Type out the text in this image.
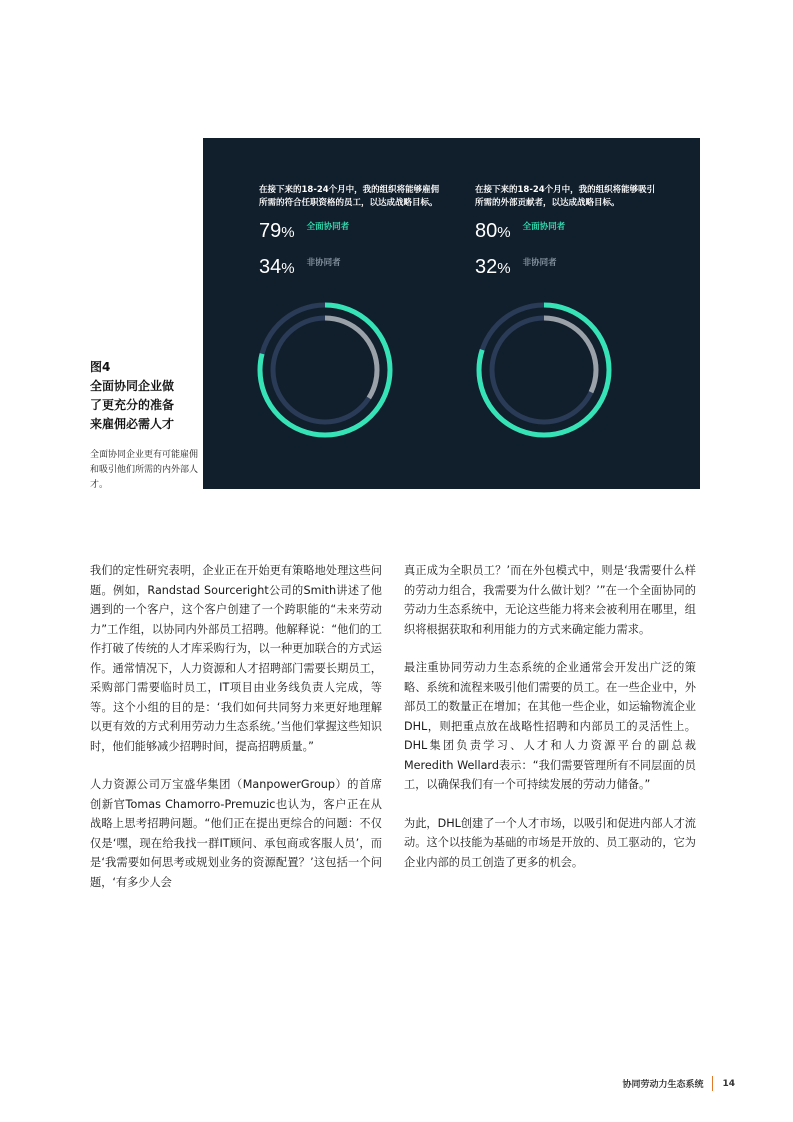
图4
全面协同企业做
了更充分的准备
来雇佣必需人才
全面协同企业更有可能雇佣和吸引他们所需的内外部人才。
在接下来的18-24个月中，我的组织将能够雇佣所需的符合任职资格的员工，以达成战略目标。
79 % 全面协同者
34 % 非协同者
在接下来的18-24个月中，我的组织将能够吸引所需的外部贡献者，以达成战略目标。
80 % 全面协同者
32 % 非协同者

我们的定性研究表明，企业正在开始更有策略地处理这些问题。例如，Randstad Sourceright公司的Smith讲述了他遇到的一个客户，这个客户创建了一个跨职能的“未来劳动力”工作组，以协同内外部员工招聘。他解释说：“他们的工作打破了传统的人才库采购行为，以一种更加联合的方式运作。通常情况下，人力资源和人才招聘部门需要长期员工，采购部门需要临时员工，IT项目由业务线负责人完成，等等。这个小组的目的是：‘我们如何共同努力来更好地理解以更有效的方式利用劳动力生态系统。’当他们掌握这些知识时，他们能够减少招聘时间，提高招聘质量。”

人力资源公司万宝盛华集团（ManpowerGroup）的首席创新官Tomas Chamorro-Premuzic也认为，客户正在从战略上思考招聘问题。“他们正在提出更综合的问题：不仅仅是‘嘿，现在给我找一群IT顾问、承包商或客服人员’，而是‘我需要如何思考或规划业务的资源配置？’这包括一个问题，‘有多少人会

真正成为全职员工？’而在外包模式中，则是‘我需要什么样的劳动力组合，我需要为什么做计划？’”在一个全面协同的劳动力生态系统中，无论这些能力将来会被利用在哪里，组织将根据获取和利用能力的方式来确定能力需求。

最注重协同劳动力生态系统的企业通常会开发出广泛的策略、系统和流程来吸引他们需要的员工。在一些企业中，外部员工的数量正在增加；在其他一些企业，如运输物流企业DHL，则把重点放在战略性招聘和内部员工的灵活性上。DHL集团负责学习、人才和人力资源平台的副总裁Meredith Wellard表示：“我们需要管理所有不同层面的员工，以确保我们有一个可持续发展的劳动力储备。”

为此，DHL创建了一个人才市场，以吸引和促进内部人才流动。这个以技能为基础的市场是开放的、员工驱动的，它为企业内部的员工创造了更多的机会。

协同劳动力生态系统 14
